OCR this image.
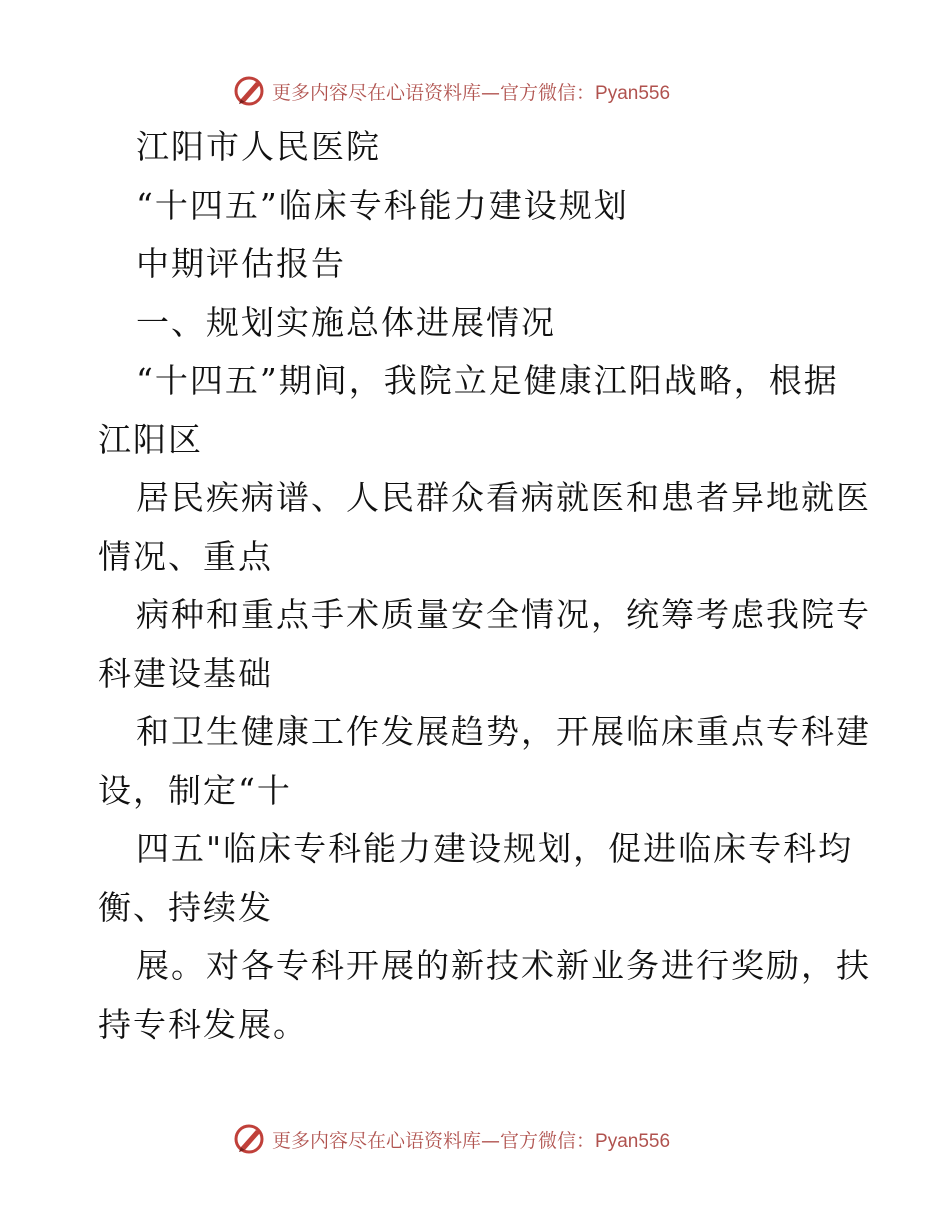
更多内容尽在心语资料库—官方微信：Pyan556
江阳市人民医院
“十四五”临床专科能力建设规划
中期评估报告
一、规划实施总体进展情况
“十四五”期间，我院立足健康江阳战略，根据
江阳区
居民疾病谱、人民群众看病就医和患者异地就医
情况、重点
病种和重点手术质量安全情况，统筹考虑我院专
科建设基础
和卫生健康工作发展趋势，开展临床重点专科建
设，制定“十
四五"临床专科能力建设规划，促进临床专科均
衡、持续发
展。对各专科开展的新技术新业务进行奖励，扶
持专科发展。
更多内容尽在心语资料库—官方微信：Pyan556
